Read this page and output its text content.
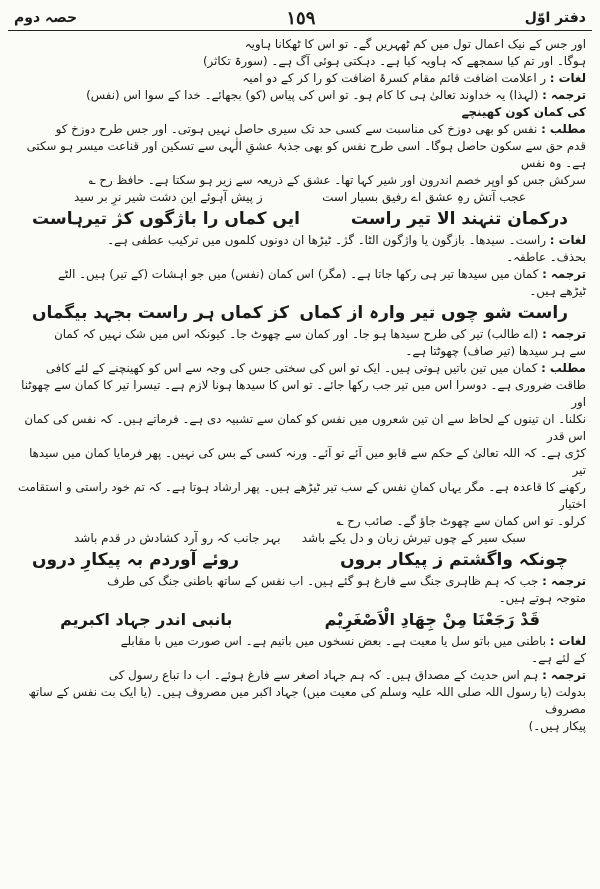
دفتر اوّل
١٥٩
حصہ دوم

اور جس کے نیک اعمال تول میں کم ٹھہریں گے۔ تو اس کا ٹھکانا ہاویہ

ہوگا۔ اور تم کیا سمجھے کہ ہاویہ کیا ہے۔ دہکتی ہوئی آگ ہے۔ (سورۃ تکاثر)

لغات : ر اعلامت اضافت قائم مقام کسرۂ اضافت کو را کر کے دو امیہ

ترجمہ : (لہذا) یہ خداوند تعالیٰ ہی کا کام ہو۔ تو اس کی پیاس (کو) بجھائے۔ خدا کے سوا اس (نفس)

کی کمان کون کھینچے

مطلب : نفس کو بھی دوزخ کی مناسبت سے کسی حد تک سیری حاصل نہیں ہوتی۔ اور جس طرح دوزخ کو

قدم حق سے سکون حاصل ہوگا۔ اسی طرح نفس کو بھی جذبۂ عشقِ الٰہی سے تسکین اور قناعت میسر ہو سکتی ہے۔ وہ نفس

سرکش جس کو اوپر خصم اندرون اور شیر کہا تھا۔ عشق کے ذریعہ سے زیر ہو سکتا ہے۔ حافظ رح ؎

عجب آتش رہِ عشق اے رفیق بسیار است
ز پیش آہوئے این دشت شیر نرِ بر سید
درکمان تنہند الا تیر راست
ایں کماں را باژگوں کژ تیرہاست

لغات : راست۔ سیدھا۔ بازگون یا واژگون الٹا۔ گژ۔ ٹیڑھا ان دونوں کلموں میں ترکیب عطفی ہے۔

بحذف۔ عاطفہ۔

ترجمہ : کمان میں سیدھا تیر ہی رکھا جاتا ہے۔ (مگر) اس کمان (نفس) میں جو اہشات (کے تیر) ہیں۔ الٹے

ٹیڑھے ہیں۔

راست شو چوں تیر وارہ از کماں
کز کماں ہر راست بجہد بیگماں

ترجمہ : (اے طالب) تیر کی طرح سیدھا ہو جا۔ اور کمان سے چھوٹ جا۔ کیونکہ اس میں شک نہیں کہ کمان

سے ہر سیدھا (تیر صاف) چھوٹتا ہے۔

مطلب : کمان میں تین باتیں ہوتی ہیں۔ ایک تو اس کی سختی جس کی وجہ سے اس کو کھینچنے کے لئے کافی

طاقت ضروری ہے۔ دوسرا اس میں تیر جب رکھا جائے۔ تو اس کا سیدھا ہونا لازم ہے۔ تیسرا تیر کا کمان سے چھوٹنا اور

نکلنا۔ ان تینوں کے لحاظ سے ان تین شعروں میں نفس کو کمان سے تشبیہ دی ہے۔ فرماتے ہیں۔ کہ نفس کی کمان اس قدر

کڑی ہے۔ کہ اللہ تعالیٰ کے حکم سے قابو میں آئے تو آئے۔ ورنہ کسی کے بس کی نہیں۔ پھر فرمایا کمان میں سیدھا تیر

رکھنے کا قاعدہ ہے۔ مگر یہاں کمانِ نفس کے سب تیر ٹیڑھے ہیں۔ پھر ارشاد ہوتا ہے۔ کہ تم خود راستی و استقامت اختیار

کرلو۔ تو اس کمان سے چھوٹ جاؤ گے۔ صائب رح ؎

سبک سیر کے چوں تیرش زبان و دل یکے باشد
بہر جانب کہ رو آرد کشادش در قدم باشد
چونکہ واگشتم ز پیکار بروں
روئے آوردم بہ پیکارِ دروں

ترجمہ : جب کہ ہم ظاہری جنگ سے فارغ ہو گئے ہیں۔ اب نفس کے ساتھ باطنی جنگ کی طرف

متوجہ ہوتے ہیں۔

قَدْ رَجَعْنَا مِنْ جِهَادِ الْاَصْغَرِيْم
بانبی اندر جہاد اکبریم

لغات : باطنی میں باتو سل یا معیت ہے۔ بعض نسخوں میں باتیم ہے۔ اس صورت میں با مقابلے

کے لئے ہے۔

ترجمہ : ہم اس حدیث کے مصداق ہیں۔ کہ ہم جہاد اصغر سے فارغ ہوئے۔ اب دا تباع رسول کی

بدولت (یا رسول اللہ صلی اللہ علیہ وسلم کی معیت میں) جہاد اکبر میں مصروف ہیں۔ (یا ایک بت نفس کے ساتھ مصروف

پیکار ہیں۔)
